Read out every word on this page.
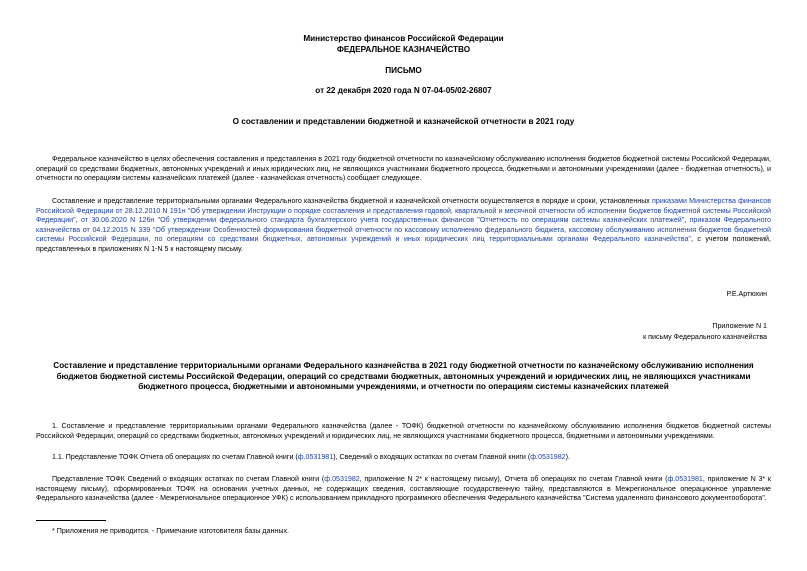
Министерство финансов Российской Федерации
ФЕДЕРАЛЬНОЕ КАЗНАЧЕЙСТВО
ПИСЬМО
от 22 декабря 2020 года N 07-04-05/02-26807
О составлении и представлении бюджетной и казначейской отчетности в 2021 году
Федеральное казначейство в целях обеспечения составления и представления в 2021 году бюджетной отчетности по казначейскому обслуживанию исполнения бюджетов бюджетной системы Российской Федерации, операций со средствами бюджетных, автономных учреждений и иных юридических лиц, не являющихся участниками бюджетного процесса, бюджетными и автономными учреждениями (далее - бюджетная отчетность), и отчетности по операциям системы казначейских платежей (далее - казначейская отчетность) сообщает следующее.
Составление и представление территориальными органами Федерального казначейства бюджетной и казначейской отчетности осуществляется в порядке и сроки, установленных приказами Министерства финансов Российской Федерации от 28.12.2010 N 191н "Об утверждении Инструкции о порядке составления и представления годовой, квартальной и месячной отчетности об исполнении бюджетов бюджетной системы Российской Федерации", от 30.06.2020 N 126н "Об утверждении федерального стандарта бухгалтерского учета государственных финансов "Отчетность по операциям системы казначейских платежей", приказом Федерального казначейства от 04.12.2015 N 339 "Об утверждении Особенностей формирования бюджетной отчетности по кассовому исполнению федерального бюджета, кассовому обслуживанию исполнения бюджетов бюджетной системы Российской Федерации, по операциям со средствами бюджетных, автономных учреждений и иных юридических лиц территориальными органами Федерального казначейства", с учетом положений, представленных в приложениях N 1-N 5 к настоящему письму.
Р.Е.Артюхин
Приложение N 1
к письму Федерального казначейства
Составление и представление территориальными органами Федерального казначейства в 2021 году бюджетной отчетности по казначейскому обслуживанию исполнения бюджетов бюджетной системы Российской Федерации, операций со средствами бюджетных, автономных учреждений и юридических лиц, не являющихся участниками бюджетного процесса, бюджетными и автономными учреждениями, и отчетности по операциям системы казначейских платежей
1. Составление и представление территориальными органами Федерального казначейства (далее - ТОФК) бюджетной отчетности по казначейскому обслуживанию исполнения бюджетов бюджетной системы Российской Федерации, операций со средствами бюджетных, автономных учреждений и юридических лиц, не являющихся участниками бюджетного процесса, бюджетными и автономными учреждениями.
1.1. Представление ТОФК Отчета об операциях по счетам Главной книги (ф.0531981), Сведений о входящих остатках по счетам Главной книги (ф.0531982).
Представление ТОФК Сведений о входящих остатках по счетам Главной книги (ф.0531982, приложение N 2* к настоящему письму), Отчета об операциях по счетам Главной книги (ф.0531981, приложение N 3* к настоящему письму), сформированных ТОФК на основании учетных данных, не содержащих сведения, составляющие государственную тайну, представляются в Межрегиональное операционное управление Федерального казначейства (далее - Межрегиональное операционное УФК) с использованием прикладного программного обеспечения Федерального казначейства "Система удаленного финансового документооборота".
* Приложения не приводится. - Примечание изготовителя базы данных.
